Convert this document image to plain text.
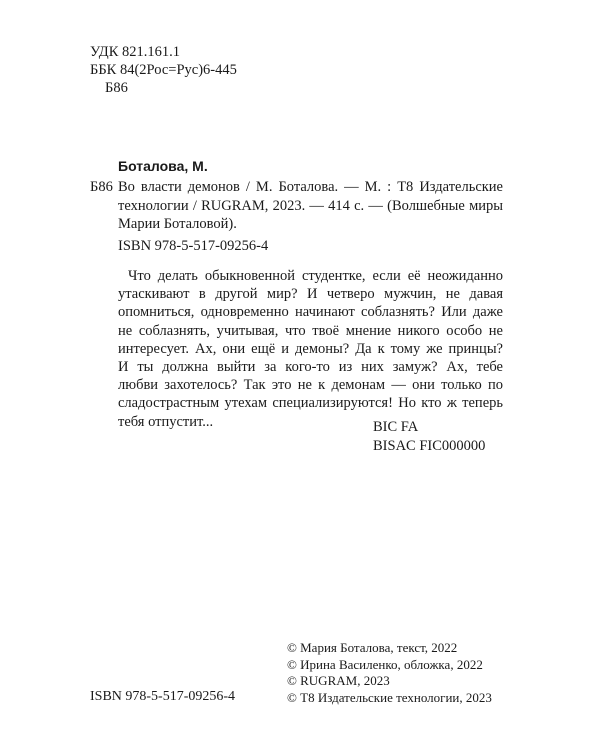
УДК 821.161.1
ББК 84(2Рос=Рус)6-445
Б86
Боталова, М.
Б86 Во власти демонов / М. Боталова. — М. : Т8 Издательские
технологии / RUGRAM, 2023. — 414 с. — (Волшебные миры
Марии Боталовой).
ISBN 978-5-517-09256-4
Что делать обыкновенной студентке, если её неожиданно
утаскивают в другой мир? И четверо мужчин, не давая
опомниться, одновременно начинают соблазнять? Или даже
не соблазнять, учитывая, что твоё мнение никого особо не
интересует. Ах, они ещё и демоны? Да к тому же принцы?
И ты должна выйти за кого-то из них замуж? Ах, тебе
любви захотелось? Так это не к демонам — они только по
сладострастным утехам специализируются! Но кто ж теперь
тебя отпустит...	BIC FA
BISAC FIC000000
© Мария Боталова, текст, 2022
© Ирина Василенко, обложка, 2022
© RUGRAM, 2023
© Т8 Издательские технологии, 2023
ISBN 978-5-517-09256-4
